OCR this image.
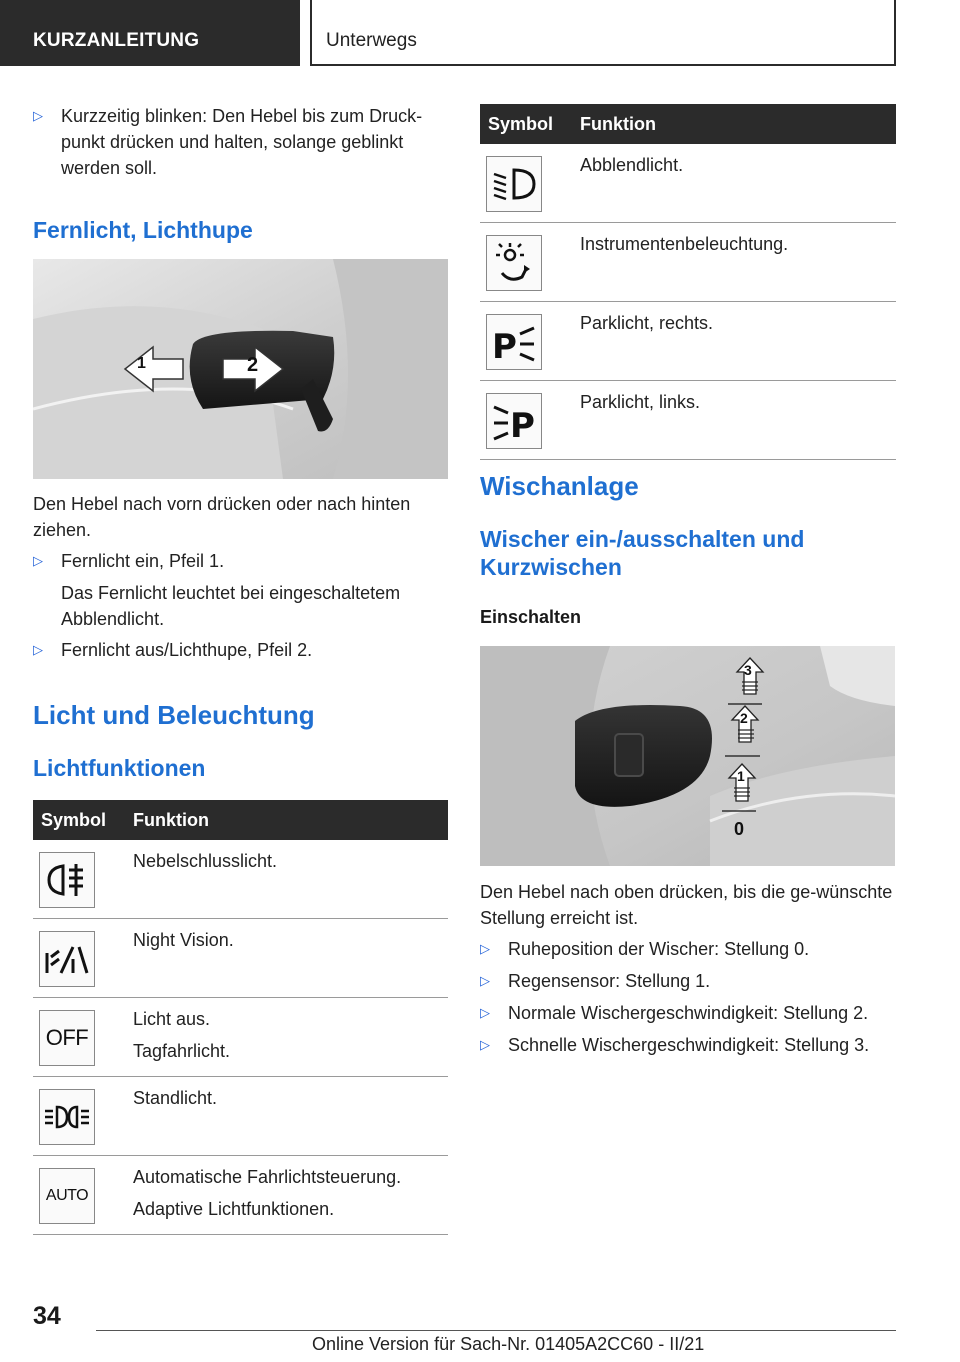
KURZANLEITUNG	Unterwegs
▷ Kurzzeitig blinken: Den Hebel bis zum Druck‐punkt drücken und halten, solange geblinkt werden soll.
Fernlicht, Lichthupe
1	2
Den Hebel nach vorn drücken oder nach hinten ziehen.
▷ Fernlicht ein, Pfeil 1.
Das Fernlicht leuchtet bei eingeschaltetem Abblendlicht.
▷ Fernlicht aus/Lichthupe, Pfeil 2.
Licht und Beleuchtung
Lichtfunktionen
Symbol	Funktion

	Nebelschlusslicht.

	Night Vision.

OFF	Licht aus.
Tagfahrlicht.

	Standlicht.

AUTO	Automatische Fahrlichtsteuerung.
Adaptive Lichtfunktionen.
Symbol	Funktion

	Abblendlicht.

	Instrumentenbeleuchtung.

P	Parklicht, rechts.

P	Parklicht, links.
Wischanlage
Wischer ein-/ausschalten und Kurzwischen
Einschalten
3
2
1
0
Den Hebel nach oben drücken, bis die ge‐wünschte Stellung erreicht ist.
▷ Ruheposition der Wischer: Stellung 0.
▷ Regensensor: Stellung 1.
▷ Normale Wischergeschwindigkeit: Stellung 2.
▷ Schnelle Wischergeschwindigkeit: Stellung 3.
34
Online Version für Sach-Nr. 01405A2CC60 - II/21
